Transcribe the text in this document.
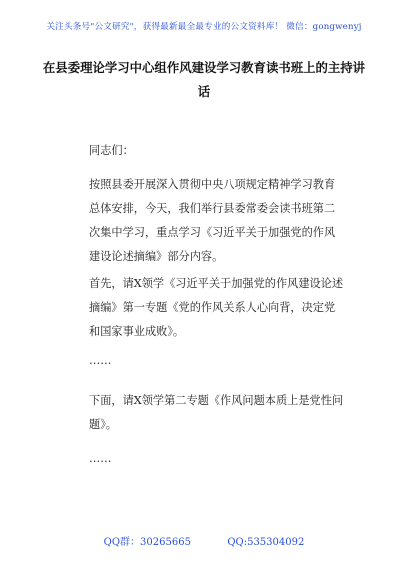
关注头条号"公文研究"，获得最新最全最专业的公文资料库！ 微信：gongwenyj
在县委理论学习中心组作风建设学习教育读书班上的主持讲话
同志们：
按照县委开展深入贯彻中央八项规定精神学习教育总体安排，今天，我们举行县委常委会读书班第二次集中学习，重点学习《习近平关于加强党的作风建设论述摘编》部分内容。
首先，请X领学《习近平关于加强党的作风建设论述摘编》第一专题《党的作风关系人心向背，决定党和国家事业成败》。
……
下面，请X领学第二专题《作风问题本质上是党性问题》。
……
QQ群：30265665	QQ:535304092
